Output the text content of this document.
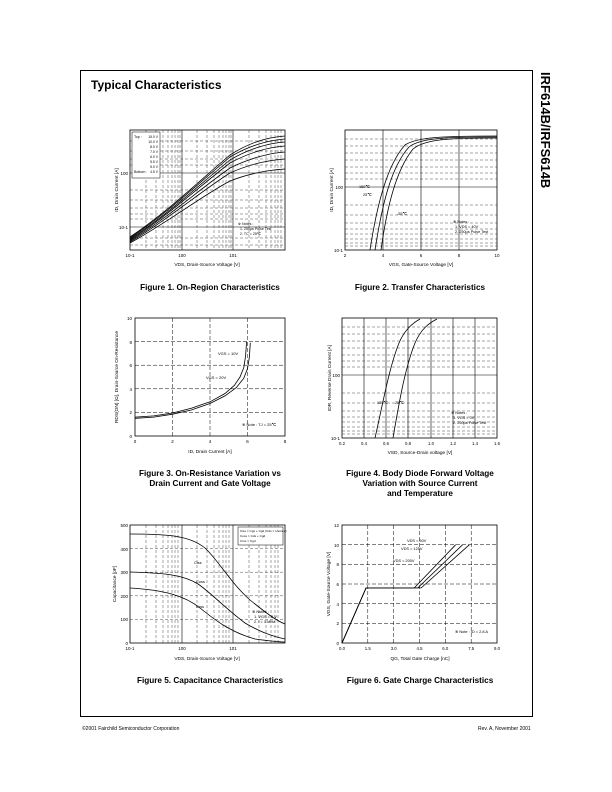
Typical Characteristics	IRF614B/IRFS614B
Top :
Bottom :
15.0 V
10.0 V
8.0 V
7.0 V
6.0 V
5.5 V
5.0 V
4.5 V
※ Notes :
1. 250μs Pulse Test
2. TC = 25℃
10-1	100	101
10-1
100
VDS, Drain-Source Voltage [V]
ID, Drain Current [A]
Figure 1. On-Region Characteristics
150℃
25℃
-55℃
※ Notes :
1. VDS = 40V
2. 250μs Pulse Test
2	4	6	8	10
10-1
100
VGS, Gate-Source Voltage [V]
ID, Drain Current [A]
Figure 2. Transfer Characteristics
VGS = 10V
VGS = 20V
※ Note : TJ = 25℃
0	2	4	6	8
0
2
4
6
8
10
ID, Drain Current [A]
RDS(ON) [Ω], Drain-Source On-Resistance
Figure 3. On-Resistance Variation vs
Drain Current and Gate Voltage
150℃ 25℃
※ Notes :
1. VGS = 0V
2. 250μs Pulse Test
0.2	0.4	0.6	0.8	1.0	1.2	1.4	1.6
10-1
100
VSD, Source-Drain voltage [V]
IDR, Reverse Drain Current [A]
Figure 4. Body Diode Forward Voltage
Variation with Source Current
and Temperature
Ciss = Cgs + Cgd (Cds = shorted)
Coss = Cds + Cgd
Crss = Cgd
Ciss
Coss
Crss
※ Notes :
1. VGS = 0 V
2. f = 1 MHz
10-1	100	101
0
100
200
300
400
500
VDS, Drain-Source Voltage [V]
Capacitance [pF]
Figure 5. Capacitance Characteristics
VDS = 50V
VDS = 125V
VDS = 200V
※ Note : ID = 2.8 A
0.0	1.5	3.0	4.5	6.0	7.5	9.0
0
2
4
6
8
10
12
QG, Total Gate Charge [nC]
VGS, Gate-Source Voltage [V]
Figure 6. Gate Charge Characteristics
©2001 Fairchild Semiconductor Corporation	Rev. A, November 2001
